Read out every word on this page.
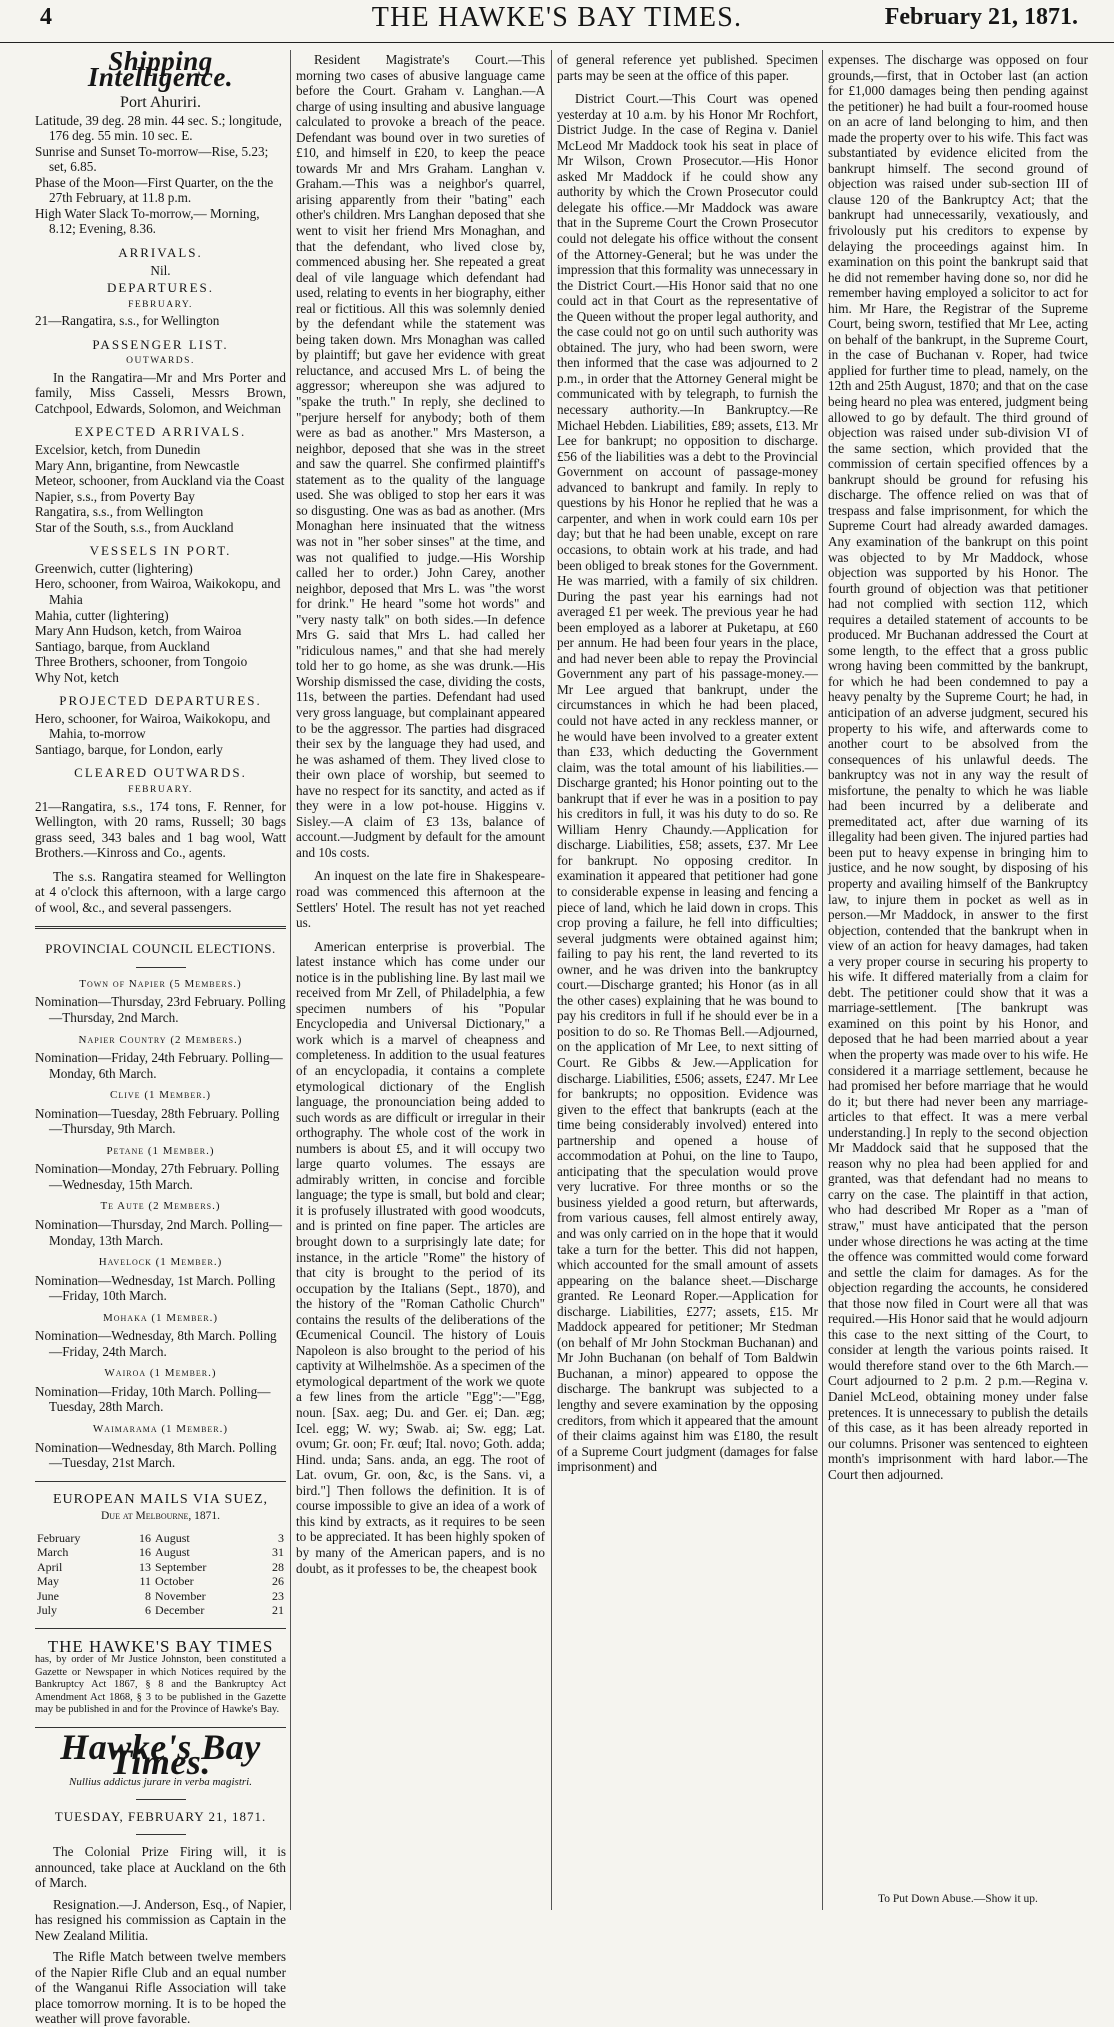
4	THE HAWKE'S BAY TIMES.	February 21, 1871.
Shipping Intelligence.
Port Ahuriri.

Latitude, 39 deg. 28 min. 44 sec. S.; longitude, 176 deg. 55 min. 10 sec. E.

Sunrise and Sunset To-morrow—Rise, 5.23; set, 6.85.

Phase of the Moon—First Quarter, on the the 27th February, at 11.8 p.m.

High Water Slack To-morrow,— Morning, 8.12; Evening, 8.36.

ARRIVALS.
Nil.
DEPARTURES.
FEBRUARY.

21—Rangatira, s.s., for Wellington

PASSENGER LIST.
OUTWARDS.

In the Rangatira—Mr and Mrs Porter and family, Miss Casseli, Messrs Brown, Catchpool, Edwards, Solomon, and Weichman

EXPECTED ARRIVALS.

Excelsior, ketch, from Dunedin

Mary Ann, brigantine, from Newcastle

Meteor, schooner, from Auckland via the Coast

Napier, s.s., from Poverty Bay

Rangatira, s.s., from Wellington

Star of the South, s.s., from Auckland

VESSELS IN PORT.

Greenwich, cutter (lightering)

Hero, schooner, from Wairoa, Waikokopu, and Mahia

Mahia, cutter (lightering)

Mary Ann Hudson, ketch, from Wairoa

Santiago, barque, from Auckland

Three Brothers, schooner, from Tongoio

Why Not, ketch

PROJECTED DEPARTURES.

Hero, schooner, for Wairoa, Waikokopu, and Mahia, to-morrow

Santiago, barque, for London, early

CLEARED OUTWARDS.
FEBRUARY.

21—Rangatira, s.s., 174 tons, F. Renner, for Wellington, with 20 rams, Russell; 30 bags grass seed, 343 bales and 1 bag wool, Watt Brothers.—Kinross and Co., agents.

The s.s. Rangatira steamed for Wellington at 4 o'clock this afternoon, with a large cargo of wool, &c., and several passengers.

PROVINCIAL COUNCIL ELECTIONS.
Town of Napier (5 Members.)

Nomination—Thursday, 23rd February. Polling—Thursday, 2nd March.

Napier Country (2 Members.)

Nomination—Friday, 24th February. Polling—Monday, 6th March.

Clive (1 Member.)

Nomination—Tuesday, 28th February. Polling—Thursday, 9th March.

Petane (1 Member.)

Nomination—Monday, 27th February. Polling—Wednesday, 15th March.

Te Aute (2 Members.)

Nomination—Thursday, 2nd March. Polling—Monday, 13th March.

Havelock (1 Member.)

Nomination—Wednesday, 1st March. Polling—Friday, 10th March.

Mohaka (1 Member.)

Nomination—Wednesday, 8th March. Polling—Friday, 24th March.

Wairoa (1 Member.)

Nomination—Friday, 10th March. Polling—Tuesday, 28th March.

Waimarama (1 Member.)

Nomination—Wednesday, 8th March. Polling—Tuesday, 21st March.

EUROPEAN MAILS VIA SUEZ,
Due at Melbourne, 1871.
February	16	August	3
March	16	August	31
April	13	September	28
May	11	October	26
June	8	November	23
July	6	December	21
THE HAWKE'S BAY TIMES
has, by order of Mr Justice Johnston, been constituted a Gazette or Newspaper in which Notices required by the Bankruptcy Act 1867, § 8 and the Bankruptcy Act Amendment Act 1868, § 3 to be published in the Gazette may be published in and for the Province of Hawke's Bay.
Hawke's Bay Times.
Nullius addictus jurare in verba magistri.
TUESDAY, FEBRUARY 21, 1871.

The Colonial Prize Firing will, it is announced, take place at Auckland on the 6th of March.

Resignation.—J. Anderson, Esq., of Napier, has resigned his commission as Captain in the New Zealand Militia.

The Rifle Match between twelve members of the Napier Rifle Club and an equal number of the Wanganui Rifle Association will take place tomorrow morning. It is to be hoped the weather will prove favorable.

Resident Magistrate's Court.—This morning two cases of abusive language came before the Court. Graham v. Langhan.—A charge of using insulting and abusive language calculated to provoke a breach of the peace. Defendant was bound over in two sureties of £10, and himself in £20, to keep the peace towards Mr and Mrs Graham. Langhan v. Graham.—This was a neighbor's quarrel, arising apparently from their "bating" each other's children. Mrs Langhan deposed that she went to visit her friend Mrs Monaghan, and that the defendant, who lived close by, commenced abusing her. She repeated a great deal of vile language which defendant had used, relating to events in her biography, either real or fictitious. All this was solemnly denied by the defendant while the statement was being taken down. Mrs Monaghan was called by plaintiff; but gave her evidence with great reluctance, and accused Mrs L. of being the aggressor; whereupon she was adjured to "spake the truth." In reply, she declined to "perjure herself for anybody; both of them were as bad as another." Mrs Masterson, a neighbor, deposed that she was in the street and saw the quarrel. She confirmed plaintiff's statement as to the quality of the language used. She was obliged to stop her ears it was so disgusting. One was as bad as another. (Mrs Monaghan here insinuated that the witness was not in "her sober sinses" at the time, and was not qualified to judge.—His Worship called her to order.) John Carey, another neighbor, deposed that Mrs L. was "the worst for drink." He heard "some hot words" and "very nasty talk" on both sides.—In defence Mrs G. said that Mrs L. had called her "ridiculous names," and that she had merely told her to go home, as she was drunk.—His Worship dismissed the case, dividing the costs, 11s, between the parties. Defendant had used very gross language, but complainant appeared to be the aggressor. The parties had disgraced their sex by the language they had used, and he was ashamed of them. They lived close to their own place of worship, but seemed to have no respect for its sanctity, and acted as if they were in a low pot-house. Higgins v. Sisley.—A claim of £3 13s, balance of account.—Judgment by default for the amount and 10s costs.

An inquest on the late fire in Shakespeare-road was commenced this afternoon at the Settlers' Hotel. The result has not yet reached us.

American enterprise is proverbial. The latest instance which has come under our notice is in the publishing line. By last mail we received from Mr Zell, of Philadelphia, a few specimen numbers of his "Popular Encyclopedia and Universal Dictionary," a work which is a marvel of cheapness and completeness. In addition to the usual features of an encyclopadia, it contains a complete etymological dictionary of the English language, the pronounciation being added to such words as are difficult or irregular in their orthography. The whole cost of the work in numbers is about £5, and it will occupy two large quarto volumes. The essays are admirably written, in concise and forcible language; the type is small, but bold and clear; it is profusely illustrated with good woodcuts, and is printed on fine paper. The articles are brought down to a surprisingly late date; for instance, in the article "Rome" the history of that city is brought to the period of its occupation by the Italians (Sept., 1870), and the history of the "Roman Catholic Church" contains the results of the deliberations of the Œcumenical Council. The history of Louis Napoleon is also brought to the period of his captivity at Wilhelmshöe. As a specimen of the etymological department of the work we quote a few lines from the article "Egg":—"Egg, noun. [Sax. aeg; Du. and Ger. ei; Dan. æg; Icel. egg; W. wy; Swab. ai; Sw. egg; Lat. ovum; Gr. oon; Fr. œuf; Ital. novo; Goth. adda; Hind. unda; Sans. anda, an egg. The root of Lat. ovum, Gr. oon, &c, is the Sans. vi, a bird."] Then follows the definition. It is of course impossible to give an idea of a work of this kind by extracts, as it requires to be seen to be appreciated. It has been highly spoken of by many of the American papers, and is no doubt, as it professes to be, the cheapest book

of general reference yet published. Specimen parts may be seen at the office of this paper.

District Court.—This Court was opened yesterday at 10 a.m. by his Honor Mr Rochfort, District Judge. In the case of Regina v. Daniel McLeod Mr Maddock took his seat in place of Mr Wilson, Crown Prosecutor.—His Honor asked Mr Maddock if he could show any authority by which the Crown Prosecutor could delegate his office.—Mr Maddock was aware that in the Supreme Court the Crown Prosecutor could not delegate his office without the consent of the Attorney-General; but he was under the impression that this formality was unnecessary in the District Court.—His Honor said that no one could act in that Court as the representative of the Queen without the proper legal authority, and the case could not go on until such authority was obtained. The jury, who had been sworn, were then informed that the case was adjourned to 2 p.m., in order that the Attorney General might be communicated with by telegraph, to furnish the necessary authority.—In Bankruptcy.—Re Michael Hebden. Liabilities, £89; assets, £13. Mr Lee for bankrupt; no opposition to discharge. £56 of the liabilities was a debt to the Provincial Government on account of passage-money advanced to bankrupt and family. In reply to questions by his Honor he replied that he was a carpenter, and when in work could earn 10s per day; but that he had been unable, except on rare occasions, to obtain work at his trade, and had been obliged to break stones for the Government. He was married, with a family of six children. During the past year his earnings had not averaged £1 per week. The previous year he had been employed as a laborer at Puketapu, at £60 per annum. He had been four years in the place, and had never been able to repay the Provincial Government any part of his passage-money.—Mr Lee argued that bankrupt, under the circumstances in which he had been placed, could not have acted in any reckless manner, or he would have been involved to a greater extent than £33, which deducting the Government claim, was the total amount of his liabilities.—Discharge granted; his Honor pointing out to the bankrupt that if ever he was in a position to pay his creditors in full, it was his duty to do so. Re William Henry Chaundy.—Application for discharge. Liabilities, £58; assets, £37. Mr Lee for bankrupt. No opposing creditor. In examination it appeared that petitioner had gone to considerable expense in leasing and fencing a piece of land, which he laid down in crops. This crop proving a failure, he fell into difficulties; several judgments were obtained against him; failing to pay his rent, the land reverted to its owner, and he was driven into the bankruptcy court.—Discharge granted; his Honor (as in all the other cases) explaining that he was bound to pay his creditors in full if he should ever be in a position to do so. Re Thomas Bell.—Adjourned, on the application of Mr Lee, to next sitting of Court. Re Gibbs & Jew.—Application for discharge. Liabilities, £506; assets, £247. Mr Lee for bankrupts; no opposition. Evidence was given to the effect that bankrupts (each at the time being considerably involved) entered into partnership and opened a house of accommodation at Pohui, on the line to Taupo, anticipating that the speculation would prove very lucrative. For three months or so the business yielded a good return, but afterwards, from various causes, fell almost entirely away, and was only carried on in the hope that it would take a turn for the better. This did not happen, which accounted for the small amount of assets appearing on the balance sheet.—Discharge granted. Re Leonard Roper.—Application for discharge. Liabilities, £277; assets, £15. Mr Maddock appeared for petitioner; Mr Stedman (on behalf of Mr John Stockman Buchanan) and Mr John Buchanan (on behalf of Tom Baldwin Buchanan, a minor) appeared to oppose the discharge. The bankrupt was subjected to a lengthy and severe examination by the opposing creditors, from which it appeared that the amount of their claims against him was £180, the result of a Supreme Court judgment (damages for false imprisonment) and

expenses. The discharge was opposed on four grounds,—first, that in October last (an action for £1,000 damages being then pending against the petitioner) he had built a four-roomed house on an acre of land belonging to him, and then made the property over to his wife. This fact was substantiated by evidence elicited from the bankrupt himself. The second ground of objection was raised under sub-section III of clause 120 of the Bankruptcy Act; that the bankrupt had unnecessarily, vexatiously, and frivolously put his creditors to expense by delaying the proceedings against him. In examination on this point the bankrupt said that he did not remember having done so, nor did he remember having employed a solicitor to act for him. Mr Hare, the Registrar of the Supreme Court, being sworn, testified that Mr Lee, acting on behalf of the bankrupt, in the Supreme Court, in the case of Buchanan v. Roper, had twice applied for further time to plead, namely, on the 12th and 25th August, 1870; and that on the case being heard no plea was entered, judgment being allowed to go by default. The third ground of objection was raised under sub-division VI of the same section, which provided that the commission of certain specified offences by a bankrupt should be ground for refusing his discharge. The offence relied on was that of trespass and false imprisonment, for which the Supreme Court had already awarded damages. Any examination of the bankrupt on this point was objected to by Mr Maddock, whose objection was supported by his Honor. The fourth ground of objection was that petitioner had not complied with section 112, which requires a detailed statement of accounts to be produced. Mr Buchanan addressed the Court at some length, to the effect that a gross public wrong having been committed by the bankrupt, for which he had been condemned to pay a heavy penalty by the Supreme Court; he had, in anticipation of an adverse judgment, secured his property to his wife, and afterwards come to another court to be absolved from the consequences of his unlawful deeds. The bankruptcy was not in any way the result of misfortune, the penalty to which he was liable had been incurred by a deliberate and premeditated act, after due warning of its illegality had been given. The injured parties had been put to heavy expense in bringing him to justice, and he now sought, by disposing of his property and availing himself of the Bankruptcy law, to injure them in pocket as well as in person.—Mr Maddock, in answer to the first objection, contended that the bankrupt when in view of an action for heavy damages, had taken a very proper course in securing his property to his wife. It differed materially from a claim for debt. The petitioner could show that it was a marriage-settlement. [The bankrupt was examined on this point by his Honor, and deposed that he had been married about a year when the property was made over to his wife. He considered it a marriage settlement, because he had promised her before marriage that he would do it; but there had never been any marriage-articles to that effect. It was a mere verbal understanding.] In reply to the second objection Mr Maddock said that he supposed that the reason why no plea had been applied for and granted, was that defendant had no means to carry on the case. The plaintiff in that action, who had described Mr Roper as a "man of straw," must have anticipated that the person under whose directions he was acting at the time the offence was committed would come forward and settle the claim for damages. As for the objection regarding the accounts, he considered that those now filed in Court were all that was required.—His Honor said that he would adjourn this case to the next sitting of the Court, to consider at length the various points raised. It would therefore stand over to the 6th March.—Court adjourned to 2 p.m. 2 p.m.—Regina v. Daniel McLeod, obtaining money under false pretences. It is unnecessary to publish the details of this case, as it has been already reported in our columns. Prisoner was sentenced to eighteen month's imprisonment with hard labor.—The Court then adjourned.

To Put Down Abuse.—Show it up.
